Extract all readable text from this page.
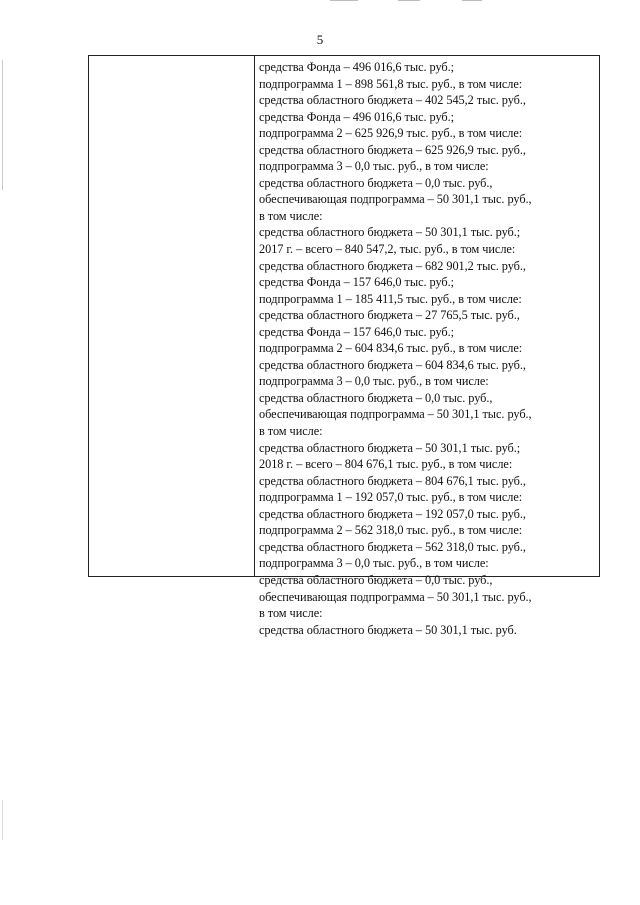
5
средства Фонда – 496 016,6 тыс. руб.;
подпрограмма 1 – 898 561,8 тыс. руб., в том числе:
средства областного бюджета – 402 545,2 тыс. руб.,
средства Фонда – 496 016,6 тыс. руб.;
подпрограмма 2 – 625 926,9 тыс. руб., в том числе:
средства областного бюджета – 625 926,9 тыс. руб.,
подпрограмма 3 – 0,0 тыс. руб., в том числе:
средства областного бюджета – 0,0 тыс. руб.,
обеспечивающая подпрограмма – 50 301,1 тыс. руб.,
в том числе:
средства областного бюджета – 50 301,1 тыс. руб.;
2017 г. – всего – 840 547,2, тыс. руб., в том числе:
средства областного бюджета – 682 901,2 тыс. руб.,
средства Фонда – 157 646,0 тыс. руб.;
подпрограмма 1 – 185 411,5 тыс. руб., в том числе:
средства областного бюджета – 27 765,5 тыс. руб.,
средства Фонда – 157 646,0 тыс. руб.;
подпрограмма 2 – 604 834,6 тыс. руб., в том числе:
средства областного бюджета – 604 834,6 тыс. руб.,
подпрограмма 3 – 0,0 тыс. руб., в том числе:
средства областного бюджета – 0,0 тыс. руб.,
обеспечивающая подпрограмма – 50 301,1 тыс. руб.,
в том числе:
средства областного бюджета – 50 301,1 тыс. руб.;
2018 г. – всего – 804 676,1 тыс. руб., в том числе:
средства областного бюджета – 804 676,1 тыс. руб.,
подпрограмма 1 – 192 057,0 тыс. руб., в том числе:
средства областного бюджета – 192 057,0 тыс. руб.,
подпрограмма 2 – 562 318,0 тыс. руб., в том числе:
средства областного бюджета – 562 318,0 тыс. руб.,
подпрограмма 3 – 0,0 тыс. руб., в том числе:
средства областного бюджета – 0,0 тыс. руб.,
обеспечивающая подпрограмма – 50 301,1 тыс. руб.,
в том числе:
средства областного бюджета – 50 301,1 тыс. руб.
